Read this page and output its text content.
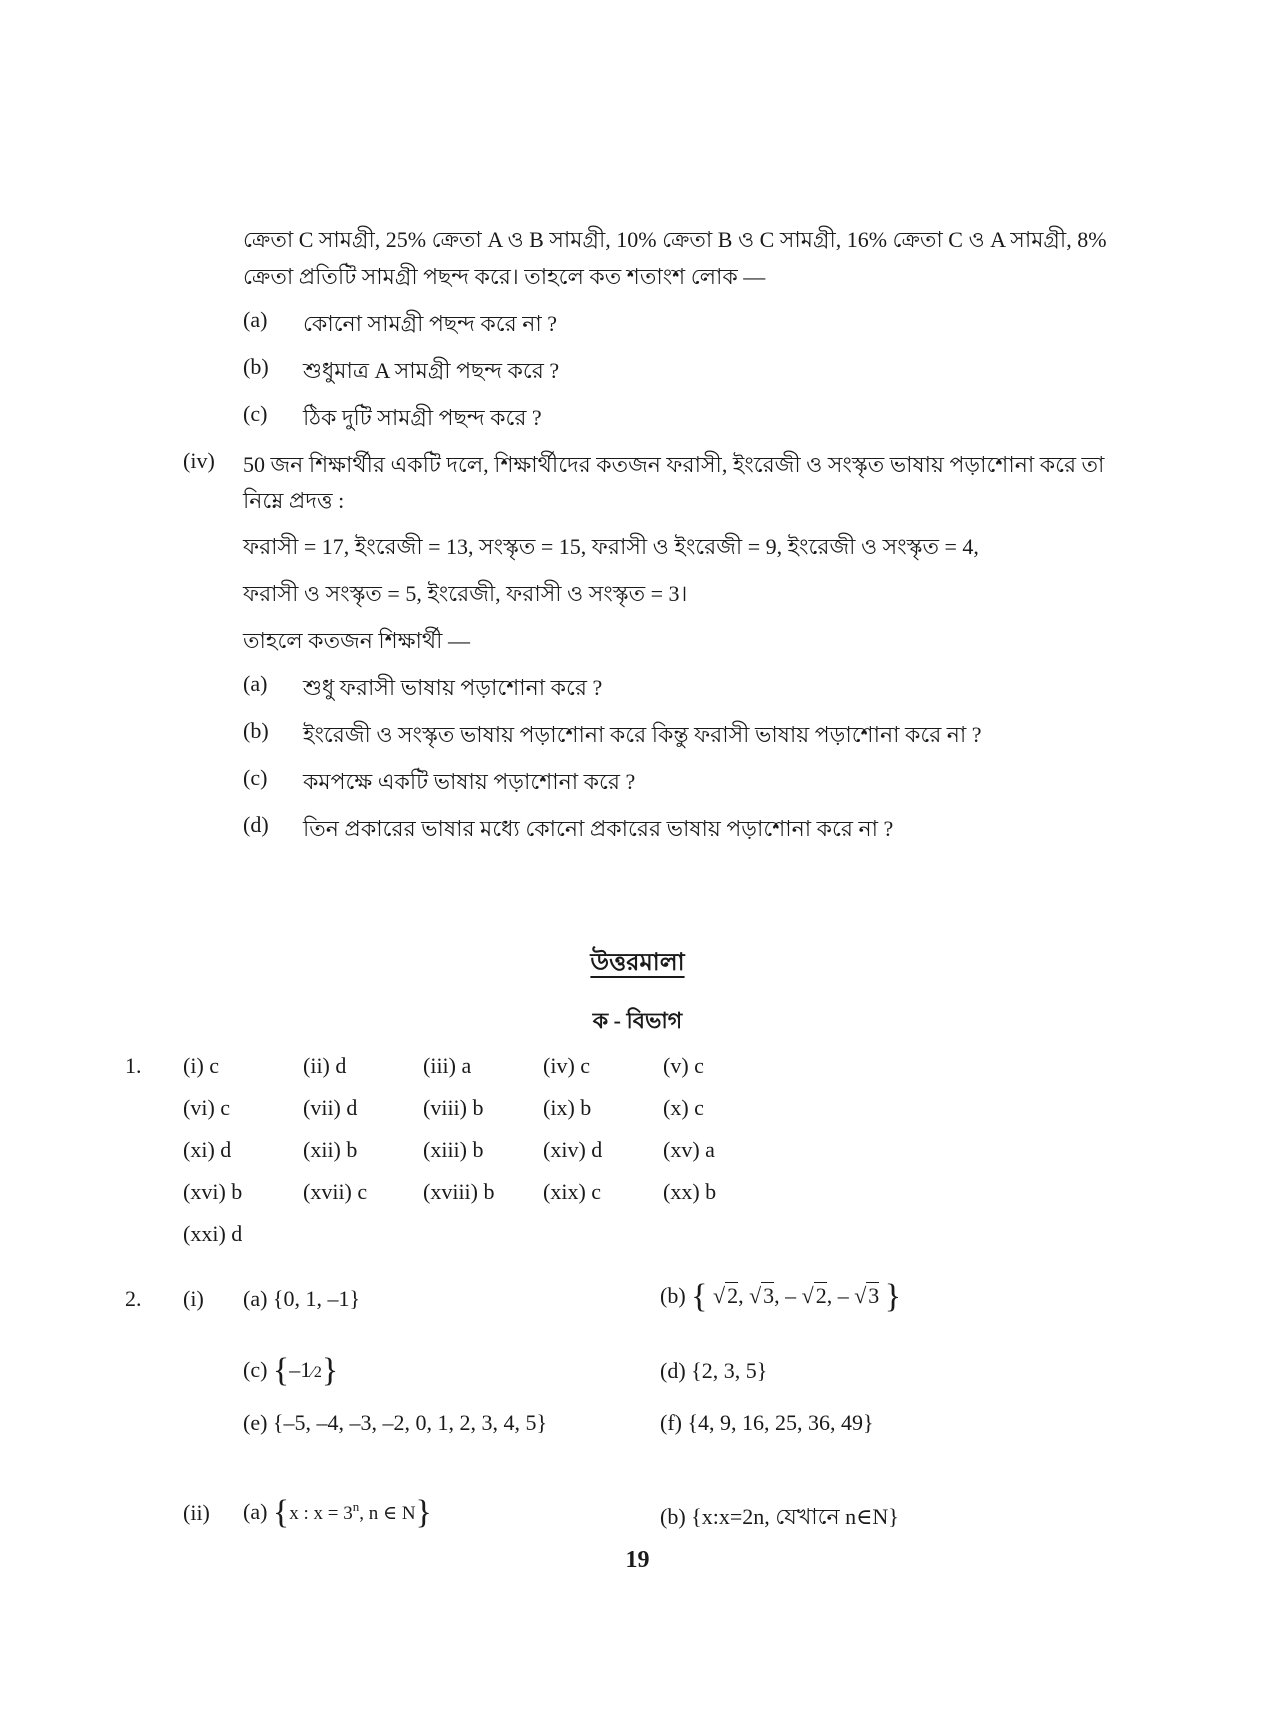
ক্রেতা C সামগ্রী, 25% ক্রেতা A ও B সামগ্রী, 10% ক্রেতা B ও C সামগ্রী, 16% ক্রেতা C ও A সামগ্রী, 8%
ক্রেতা প্রতিটি সামগ্রী পছন্দ করে। তাহলে কত শতাংশ লোক —
(a) কোনো সামগ্রী পছন্দ করে না ?
(b) শুধুমাত্র A সামগ্রী পছন্দ করে ?
(c) ঠিক দুটি সামগ্রী পছন্দ করে ?
(iv) 50 জন শিক্ষার্থীর একটি দলে, শিক্ষার্থীদের কতজন ফরাসী, ইংরেজী ও সংস্কৃত ভাষায় পড়াশোনা করে তা
নিম্নে প্রদত্ত :
ফরাসী = 17, ইংরেজী = 13, সংস্কৃত = 15, ফরাসী ও ইংরেজী = 9, ইংরেজী ও সংস্কৃত = 4,
ফরাসী ও সংস্কৃত = 5, ইংরেজী, ফরাসী ও সংস্কৃত = 3।
তাহলে কতজন শিক্ষার্থী —
(a) শুধু ফরাসী ভাষায় পড়াশোনা করে ?
(b) ইংরেজী ও সংস্কৃত ভাষায় পড়াশোনা করে কিন্তু ফরাসী ভাষায় পড়াশোনা করে না ?
(c) কমপক্ষে একটি ভাষায় পড়াশোনা করে ?
(d) তিন প্রকারের ভাষার মধ্যে কোনো প্রকারের ভাষায় পড়াশোনা করে না ?
উত্তরমালা
ক - বিভাগ
1. (i) c	(ii) d	(iii) a	(iv) c	(v) c
(vi) c	(vii) d	(viii) b	(ix) b	(x) c
(xi) d	(xii) b	(xiii) b	(xiv) d	(xv) a
(xvi) b	(xvii) c	(xviii) b (xix) c	(xx) b
(xxi) d
2. (i) (a) {0, 1, –1}	(b) { √2, √3, – √2, – √3 }
(c) {–1⁄2}	(d) {2, 3, 5}
(e) {–5, –4, –3, –2, 0, 1, 2, 3, 4, 5}	(f) {4, 9, 16, 25, 36, 49}
(ii) (a) {x : $x = 3^n$, n ∈ N}	(b) {x:x=2n, যেখানে n∈N}
19
